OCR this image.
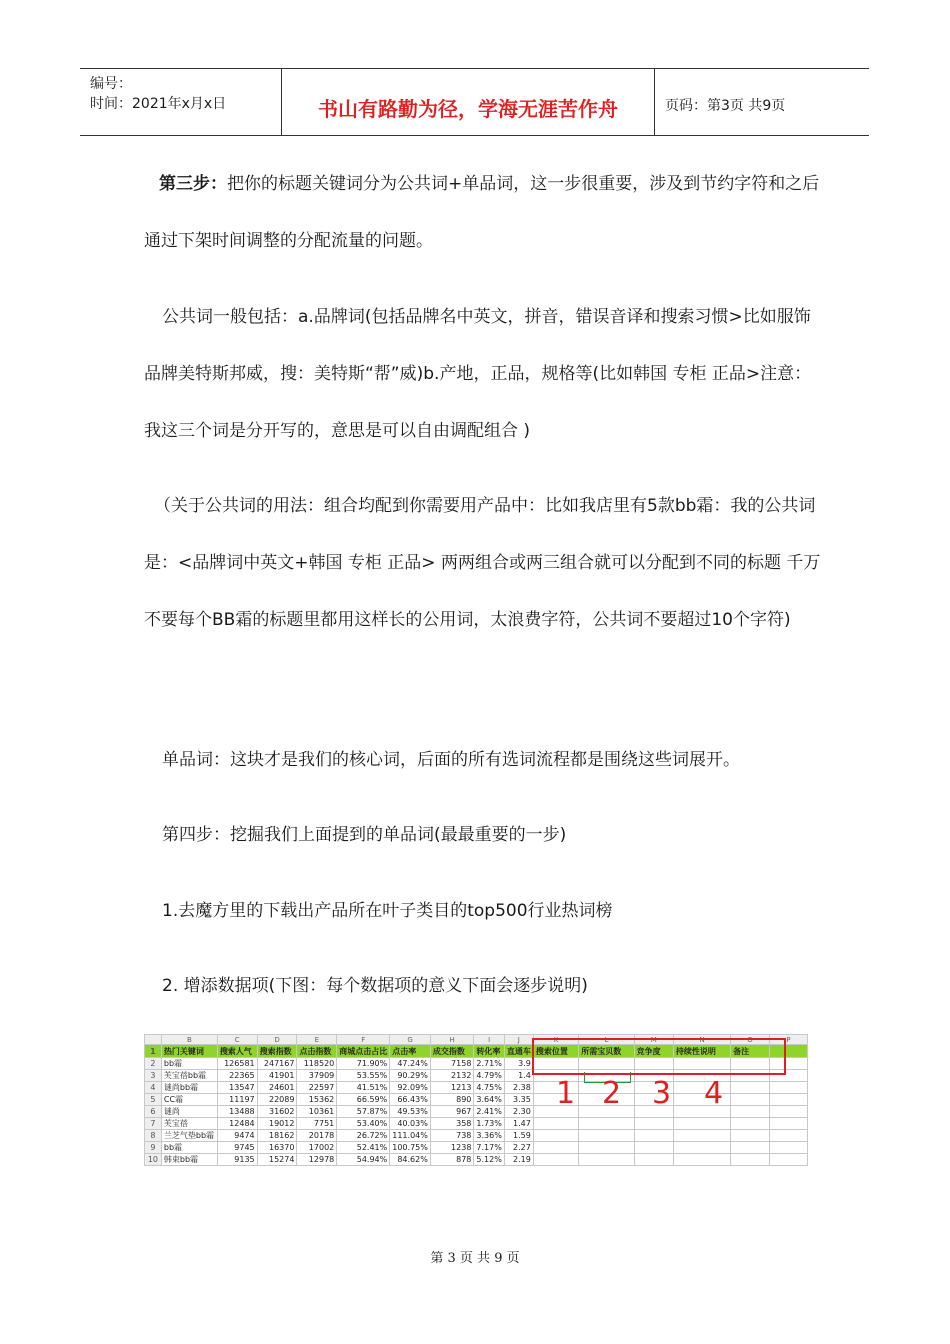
编号：
时间：2021年x月x日	书山有路勤为径，学海无涯苦作舟	页码：第3页 共9页

第三步：把你的标题关键词分为公共词+单品词，这一步很重要，涉及到节约字符和之后通过下架时间调整的分配流量的问题。

公共词一般包括：a.品牌词(包括品牌名中英文，拼音，错误音译和搜索习惯>比如服饰品牌美特斯邦威，搜：美特斯“帮”威)b.产地，正品，规格等(比如韩国 专柜 正品>注意：我这三个词是分开写的，意思是可以自由调配组合 )

（关于公共词的用法：组合均配到你需要用产品中：比如我店里有5款bb霜：我的公共词是：<品牌词中英文+韩国 专柜 正品> 两两组合或两三组合就可以分配到不同的标题 千万不要每个BB霜的标题里都用这样长的公用词，太浪费字符，公共词不要超过10个字符)

单品词：这块才是我们的核心词，后面的所有选词流程都是围绕这些词展开。
第四步：挖掘我们上面提到的单品词(最最重要的一步)
1.去魔方里的下载出产品所在叶子类目的top500行业热词榜
2. 增添数据项(下图：每个数据项的意义下面会逐步说明)
	B	C	D	E	F	G	H	I	J	K	L	M	N	O	P
1	热门关键词	搜索人气	搜索指数	点击指数	商城点击占比	点击率	成交指数	转化率	直通车	搜索位置	所需宝贝数	竞争度	持续性说明	备注	
2	bb霜	126581	247167	118520	71.90%	47.24%	7158	2.71%	3.9						
3	芙宝蓓bb霜	22365	41901	37909	53.55%	90.29%	2132	4.79%	1.4						
4	谜尚bb霜	13547	24601	22597	41.51%	92.09%	1213	4.75%	2.38						
5	CC霜	11197	22089	15362	66.59%	66.43%	890	3.64%	3.35						
6	谜尚	13488	31602	10361	57.87%	49.53%	967	2.41%	2.30						
7	芙宝蓓	12484	19012	7751	53.40%	40.03%	358	1.73%	1.47						
8	兰芝气垫bb霜	9474	18162	20178	26.72%	111.04%	738	3.36%	1.59						
9	bb霜	9745	16370	17002	52.41%	100.75%	1238	7.17%	2.27						
10	韩束bb霜	9135	15274	12978	54.94%	84.62%	878	5.12%	2.19						
1 2 3 4
第 3 页 共 9 页
